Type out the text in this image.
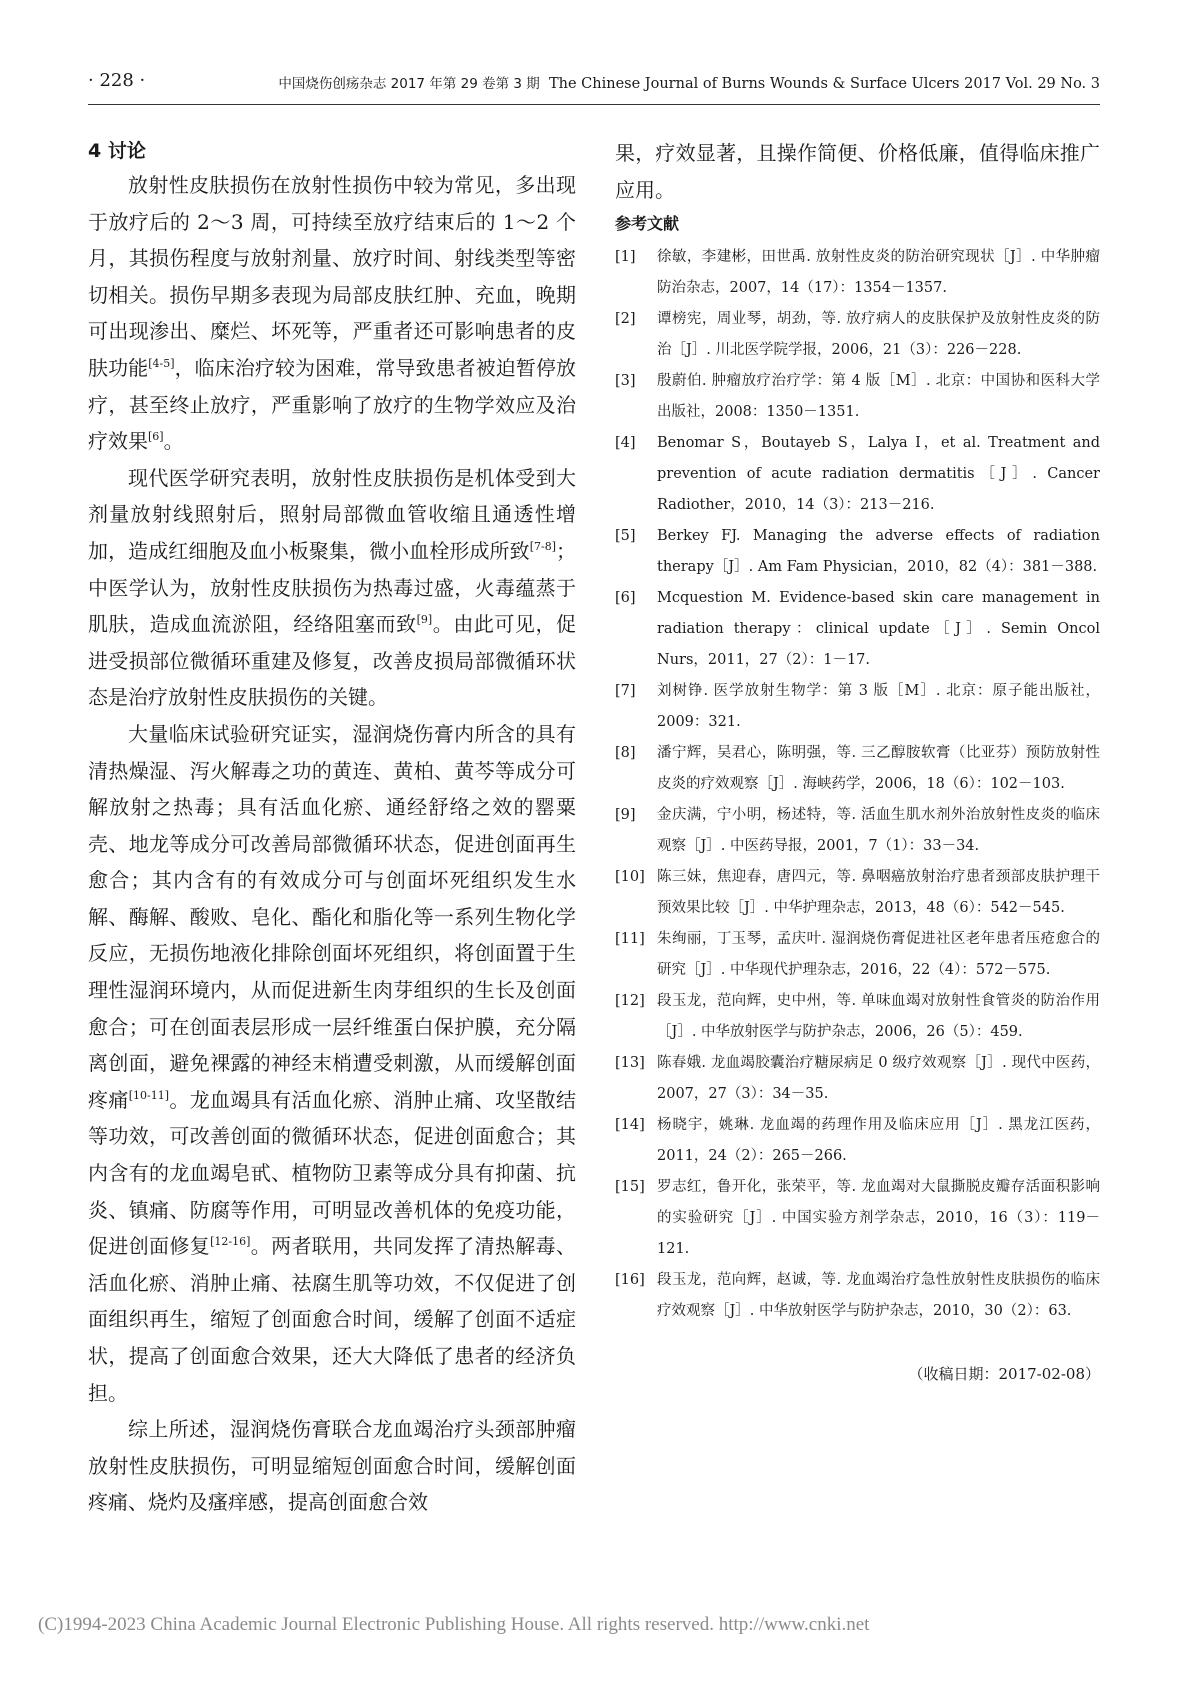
· 228 ·	中国烧伤创疡杂志 2017 年第 29 卷第 3 期 The Chinese Journal of Burns Wounds & Surface Ulcers 2017 Vol. 29 No. 3
4 讨论

放射性皮肤损伤在放射性损伤中较为常见，多出现于放疗后的 2～3 周，可持续至放疗结束后的 1～2 个月，其损伤程度与放射剂量、放疗时间、射线类型等密切相关。损伤早期多表现为局部皮肤红肿、充血，晚期可出现渗出、糜烂、坏死等，严重者还可影响患者的皮肤功能[4-5]，临床治疗较为困难，常导致患者被迫暂停放疗，甚至终止放疗，严重影响了放疗的生物学效应及治疗效果[6]。

现代医学研究表明，放射性皮肤损伤是机体受到大剂量放射线照射后，照射局部微血管收缩且通透性增加，造成红细胞及血小板聚集，微小血栓形成所致[7-8]；中医学认为，放射性皮肤损伤为热毒过盛，火毒蕴蒸于肌肤，造成血流淤阻，经络阻塞而致[9]。由此可见，促进受损部位微循环重建及修复，改善皮损局部微循环状态是治疗放射性皮肤损伤的关键。

大量临床试验研究证实，湿润烧伤膏内所含的具有清热燥湿、泻火解毒之功的黄连、黄柏、黄芩等成分可解放射之热毒；具有活血化瘀、通经舒络之效的罂粟壳、地龙等成分可改善局部微循环状态，促进创面再生愈合；其内含有的有效成分可与创面坏死组织发生水解、酶解、酸败、皂化、酯化和脂化等一系列生物化学反应，无损伤地液化排除创面坏死组织，将创面置于生理性湿润环境内，从而促进新生肉芽组织的生长及创面愈合；可在创面表层形成一层纤维蛋白保护膜，充分隔离创面，避免裸露的神经末梢遭受刺激，从而缓解创面疼痛[10-11]。龙血竭具有活血化瘀、消肿止痛、攻坚散结等功效，可改善创面的微循环状态，促进创面愈合；其内含有的龙血竭皂甙、植物防卫素等成分具有抑菌、抗炎、镇痛、防腐等作用，可明显改善机体的免疫功能，促进创面修复[12-16]。两者联用，共同发挥了清热解毒、活血化瘀、消肿止痛、祛腐生肌等功效，不仅促进了创面组织再生，缩短了创面愈合时间，缓解了创面不适症状，提高了创面愈合效果，还大大降低了患者的经济负担。

综上所述，湿润烧伤膏联合龙血竭治疗头颈部肿瘤放射性皮肤损伤，可明显缩短创面愈合时间，缓解创面疼痛、烧灼及瘙痒感，提高创面愈合效

果，疗效显著，且操作简便、价格低廉，值得临床推广应用。

参考文献

[1] 徐敏，李建彬，田世禹. 放射性皮炎的防治研究现状［J］. 中华肿瘤防治杂志，2007，14（17）：1354－1357.

[2] 谭榜宪，周业琴，胡劲，等. 放疗病人的皮肤保护及放射性皮炎的防治［J］. 川北医学院学报，2006，21（3）：226－228.

[3] 殷蔚伯. 肿瘤放疗治疗学：第 4 版［M］. 北京：中国协和医科大学出版社，2008：1350－1351.

[4] Benomar S，Boutayeb S，Lalya I，et al. Treatment and prevention of acute radiation dermatitis［J］. Cancer Radiother，2010，14（3）：213－216.

[5] Berkey FJ. Managing the adverse effects of radiation therapy［J］. Am Fam Physician，2010，82（4）：381－388.

[6] Mcquestion M. Evidence-based skin care management in radiation therapy：clinical update［J］. Semin Oncol Nurs，2011，27（2）：1－17.

[7] 刘树铮. 医学放射生物学：第 3 版［M］. 北京：原子能出版社，2009：321.

[8] 潘宁辉，吴君心，陈明强，等. 三乙醇胺软膏（比亚芬）预防放射性皮炎的疗效观察［J］. 海峡药学，2006，18（6）：102－103.

[9] 金庆满，宁小明，杨述特，等. 活血生肌水剂外治放射性皮炎的临床观察［J］. 中医药导报，2001，7（1）：33－34.

[10] 陈三妹，焦迎春，唐四元，等. 鼻咽癌放射治疗患者颈部皮肤护理干预效果比较［J］. 中华护理杂志，2013，48（6）：542－545.

[11] 朱绚丽，丁玉琴，孟庆叶. 湿润烧伤膏促进社区老年患者压疮愈合的研究［J］. 中华现代护理杂志，2016，22（4）：572－575.

[12] 段玉龙，范向辉，史中州，等. 单味血竭对放射性食管炎的防治作用［J］. 中华放射医学与防护杂志，2006，26（5）：459.

[13] 陈春娥. 龙血竭胶囊治疗糖尿病足 0 级疗效观察［J］. 现代中医药，2007，27（3）：34－35.

[14] 杨晓宇，姚琳. 龙血竭的药理作用及临床应用［J］. 黑龙江医药，2011，24（2）：265－266.

[15] 罗志红，鲁开化，张荣平，等. 龙血竭对大鼠撕脱皮瓣存活面积影响的实验研究［J］. 中国实验方剂学杂志，2010，16（3）：119－121.

[16] 段玉龙，范向辉，赵诚，等. 龙血竭治疗急性放射性皮肤损伤的临床疗效观察［J］. 中华放射医学与防护杂志，2010，30（2）：63.

（收稿日期：2017-02-08）
(C)1994-2023 China Academic Journal Electronic Publishing House. All rights reserved. http://www.cnki.net
